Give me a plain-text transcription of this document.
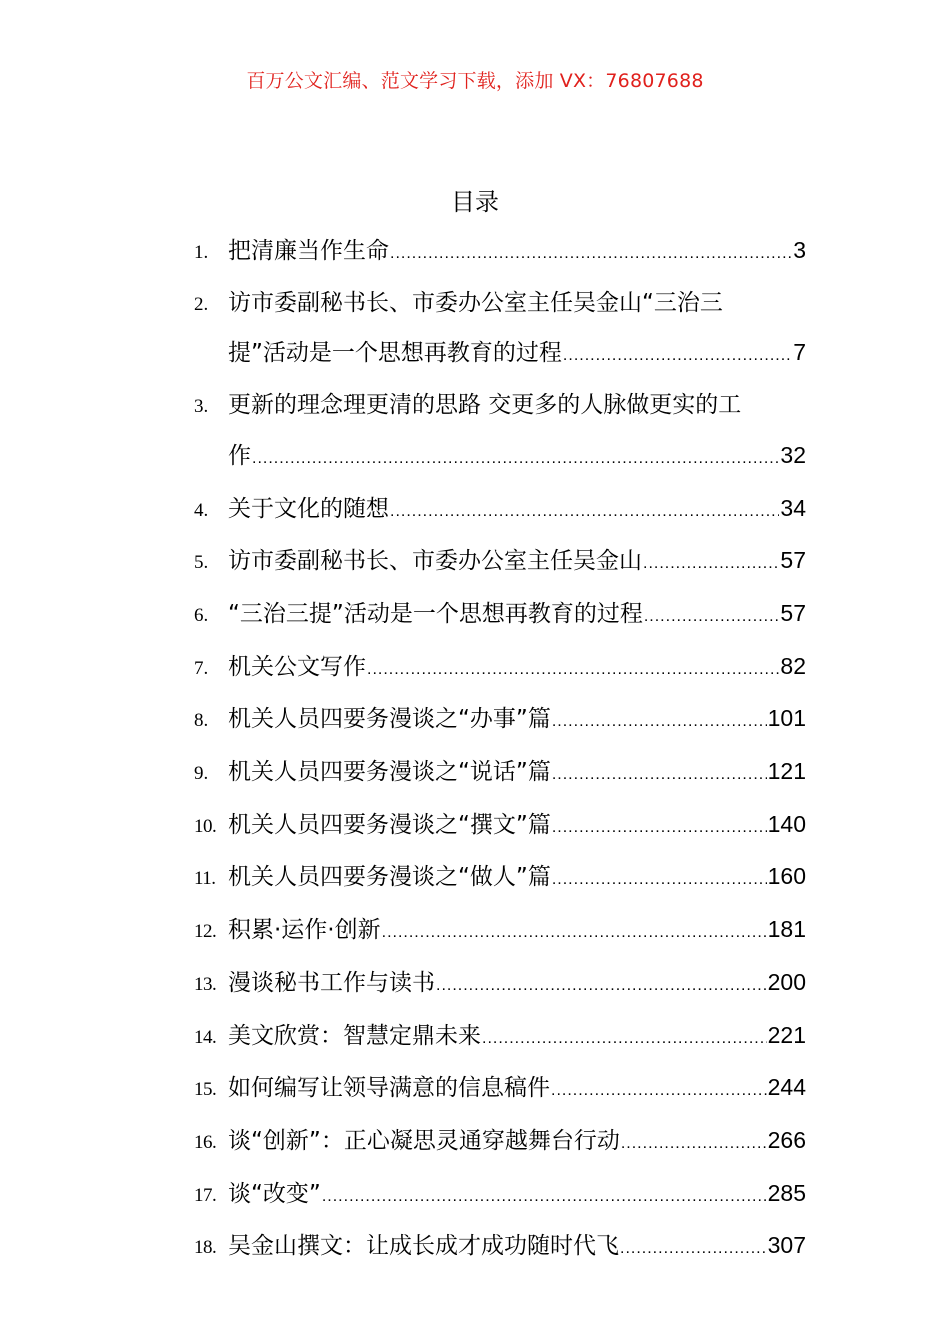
百万公文汇编、范文学习下载，添加 VX：76807688
目录
1. 把清廉当作生命 .....	3
2. 访市委副秘书长、市委办公室主任吴金山“三治三
提”活动是一个思想再教育的过程 .....	7
3. 更新的理念理更清的思路 交更多的人脉做更实的工
作 .....	32
4. 关于文化的随想 .....	34
5. 访市委副秘书长、市委办公室主任吴金山 .....	57
6. “三治三提”活动是一个思想再教育的过程 .....	57
7. 机关公文写作 .....	82
8. 机关人员四要务漫谈之“办事”篇 .....	101
9. 机关人员四要务漫谈之“说话”篇 .....	121
10. 机关人员四要务漫谈之“撰文”篇 .....	140
11. 机关人员四要务漫谈之“做人”篇 .....	160
12. 积累·运作·创新 .....	181
13. 漫谈秘书工作与读书 .....	200
14. 美文欣赏：智慧定鼎未来 .....	221
15. 如何编写让领导满意的信息稿件 .....	244
16. 谈“创新”：正心凝思灵通穿越舞台行动 .....	266
17. 谈“改变” .....	285
18. 吴金山撰文：让成长成才成功随时代飞 .....	307
